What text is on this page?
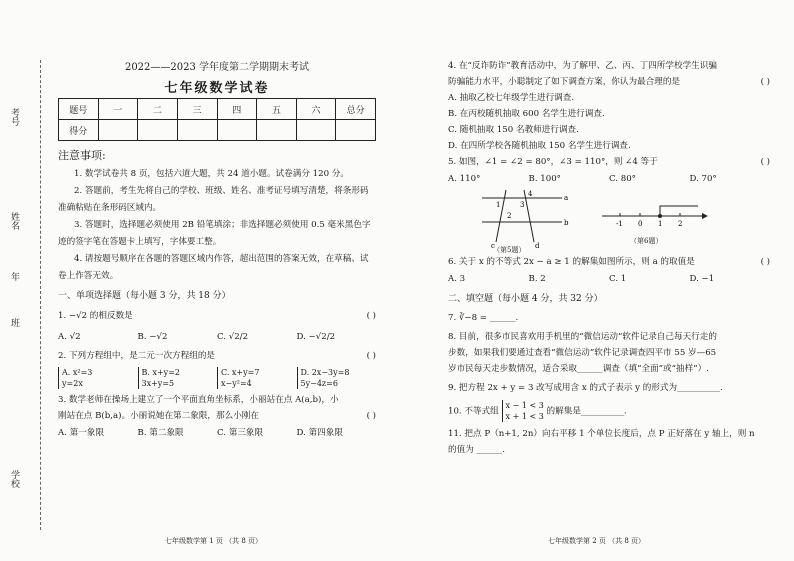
考号
姓名
年
班
学校
2022——2023 学年度第二学期期末考试
七年级数学试卷
题号	一	二	三	四	五	六	总分
得分							
注意事项:
1. 数学试卷共 8 页，包括六道大题，共 24 道小题。试卷满分 120 分。
2. 答题前，考生先将自己的学校、班级、姓名、准考证号填写清楚，将条形码准确粘贴在条形码区域内。
3. 答题时，选择题必须使用 2B 铅笔填涂；非选择题必须使用 0.5 毫米黑色字迹的签字笔在答题卡上填写，字体要工整。
4. 请按题号顺序在各题的答题区域内作答，超出范围的答案无效，在草稿、试卷上作答无效。
一、单项选择题（每小题 3 分，共 18 分）
1. −√2 的相反数是	( )
A. √2	B. −√2	C. √2/2	D. −√2/2
2. 下列方程组中，是二元一次方程组的是	( )
A. x²=3
y=2x
B. x+y=2
3x+y=5
C. x+y=7
x−y²=4
D. 2x−3y=8
5y−4z=6
3. 数学老师在操场上建立了一个平面直角坐标系，小丽站在点 A(a,b)，小
刚站在点 B(b,a)。小丽说她在第二象限，那么小刚在	( )
A. 第一象限	B. 第二象限	C. 第三象限	D. 第四象限
七年级数学第 1 页 （共 8 页）
4. 在“反诈防诈”教育活动中，为了解甲、乙、丙、丁四所学校学生识骗
防骗能力水平，小聪制定了如下调查方案，你认为最合理的是	( )
A. 抽取乙校七年级学生进行调查.
B. 在丙校随机抽取 600 名学生进行调查.
C. 随机抽取 150 名教师进行调查.
D. 在四所学校各随机抽取 150 名学生进行调查.
5. 如图，∠1 = ∠2 = 80°，∠3 = 110°，则 ∠4 等于	( )
A. 110°	B. 100°	C. 80°	D. 70°
a
b
c	d
1
2
3
4
（第5题）
-1 0 1 2
（第6题）
6. 关于 x 的不等式 2x − a ≥ 1 的解集如图所示，则 a 的取值是	( )
A. 3	B. 2	C. 1	D. −1
二、填空题（每小题 4 分，共 32 分）
7. ∛−8 = ______.
8. 目前，很多市民喜欢用手机里的“微信运动”软件记录自己每天行走的
步数，如果我们要通过查看“微信运动”软件记录调查四平市 55 岁—65
岁市民每天走步数情况，适合采取______调查（填“全面”或“抽样”）.
9. 把方程 2x + y = 3 改写成用含 x 的式子表示 y 的形式为__________.
10. 不等式组 x − 1 < 3
x + 1 < 3 的解集是__________.
11. 把点 P（n+1, 2n）向右平移 1 个单位长度后，点 P 正好落在 y 轴上，则 n
的值为 ______.
七年级数学第 2 页 （共 8 页）
